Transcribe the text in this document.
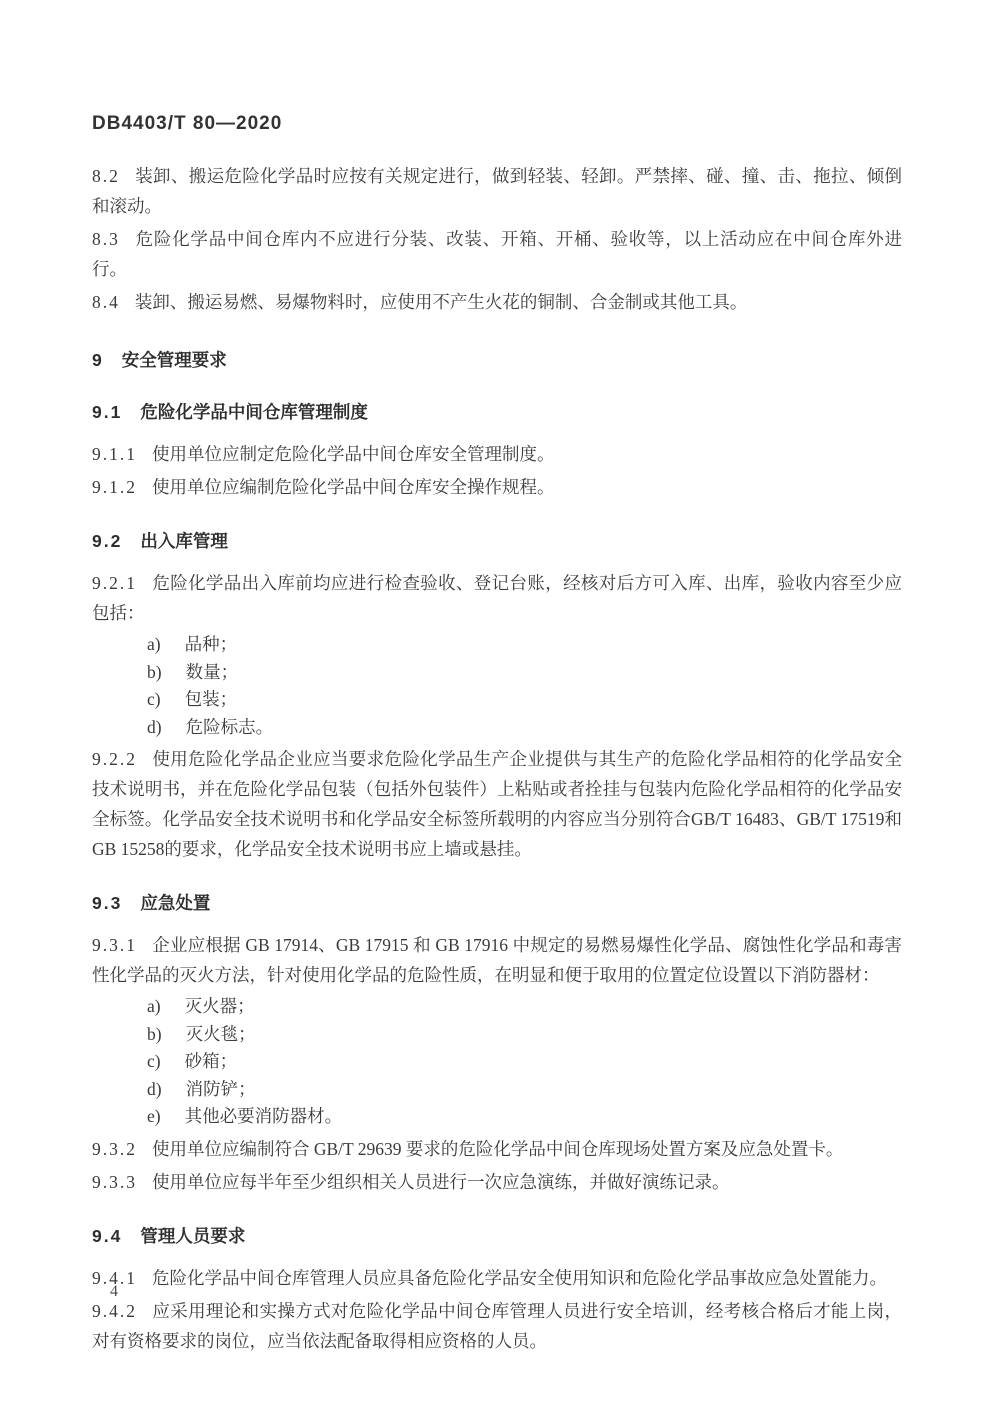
DB4403/T 80—2020

8.2 装卸、搬运危险化学品时应按有关规定进行，做到轻装、轻卸。严禁摔、碰、撞、击、拖拉、倾倒和滚动。

8.3 危险化学品中间仓库内不应进行分装、改装、开箱、开桶、验收等，以上活动应在中间仓库外进行。

8.4 装卸、搬运易燃、易爆物料时，应使用不产生火花的铜制、合金制或其他工具。

9 安全管理要求

9.1 危险化学品中间仓库管理制度

9.1.1 使用单位应制定危险化学品中间仓库安全管理制度。

9.1.2 使用单位应编制危险化学品中间仓库安全操作规程。

9.2 出入库管理

9.2.1 危险化学品出入库前均应进行检查验收、登记台账，经核对后方可入库、出库，验收内容至少应包括：

a) 品种；

b) 数量；

c) 包装；

d) 危险标志。

9.2.2 使用危险化学品企业应当要求危险化学品生产企业提供与其生产的危险化学品相符的化学品安全技术说明书，并在危险化学品包装（包括外包装件）上粘贴或者拴挂与包装内危险化学品相符的化学品安全标签。化学品安全技术说明书和化学品安全标签所载明的内容应当分别符合GB/T 16483、GB/T 17519和GB 15258的要求，化学品安全技术说明书应上墙或悬挂。

9.3 应急处置

9.3.1 企业应根据 GB 17914、GB 17915 和 GB 17916 中规定的易燃易爆性化学品、腐蚀性化学品和毒害性化学品的灭火方法，针对使用化学品的危险性质，在明显和便于取用的位置定位设置以下消防器材：

a) 灭火器；

b) 灭火毯；

c) 砂箱；

d) 消防铲；

e) 其他必要消防器材。

9.3.2 使用单位应编制符合 GB/T 29639 要求的危险化学品中间仓库现场处置方案及应急处置卡。

9.3.3 使用单位应每半年至少组织相关人员进行一次应急演练，并做好演练记录。

9.4 管理人员要求

9.4.1 危险化学品中间仓库管理人员应具备危险化学品安全使用知识和危险化学品事故应急处置能力。

9.4.2 应采用理论和实操方式对危险化学品中间仓库管理人员进行安全培训，经考核合格后才能上岗，对有资格要求的岗位，应当依法配备取得相应资格的人员。

4
